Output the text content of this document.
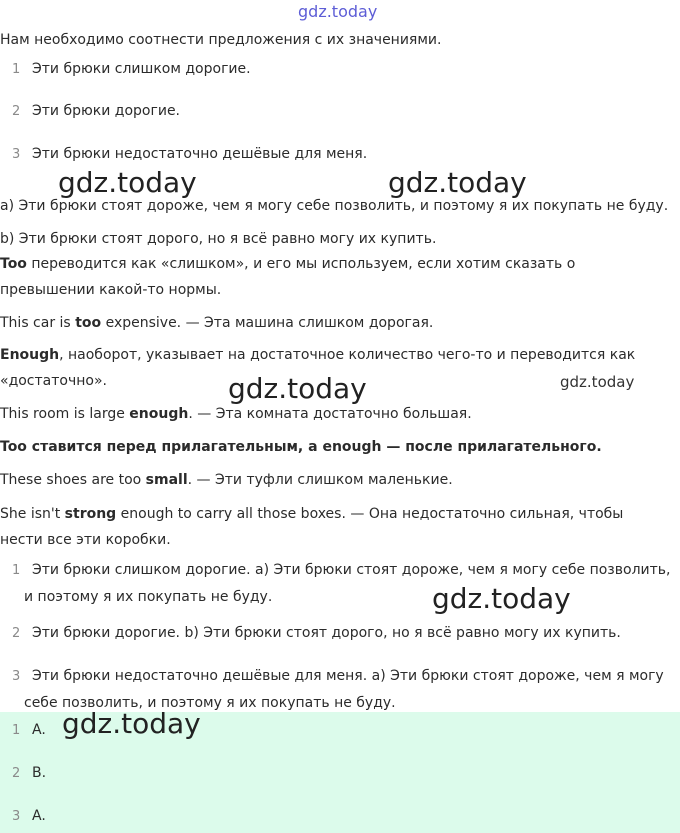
gdz.today
gdz.today	gdz.today
gdz.today	gdz.today
gdz.today
Нам необходимо соотнести предложения с их значениями.
1 Эти брюки слишком дорогие.
2 Эти брюки дорогие.
3 Эти брюки недостаточно дешёвые для меня.
a) Эти брюки стоят дороже, чем я могу себе позволить, и поэтому я их покупать не буду.
b) Эти брюки стоят дорого, но я всё равно могу их купить.
Too переводится как «слишком», и его мы используем, если хотим сказать о
превышении какой-то нормы.
This car is too expensive. — Эта машина слишком дорогая.
Enough, наоборот, указывает на достаточное количество чего-то и переводится как
«достаточно».
This room is large enough. — Эта комната достаточно большая.
Too ставится перед прилагательным, а enough — после прилагательного.
These shoes are too small. — Эти туфли слишком маленькие.
She isn't strong enough to carry all those boxes. — Она недостаточно сильная, чтобы
нести все эти коробки.
1 Эти брюки слишком дорогие. а) Эти брюки стоят дороже, чем я могу себе позволить,
и поэтому я их покупать не буду.
2 Эти брюки дорогие. b) Эти брюки стоят дорого, но я всё равно могу их купить.
3 Эти брюки недостаточно дешёвые для меня. а) Эти брюки стоят дороже, чем я могу
себе позволить, и поэтому я их покупать не буду.
1 A.
2 B.
3 A.
gdz.today
